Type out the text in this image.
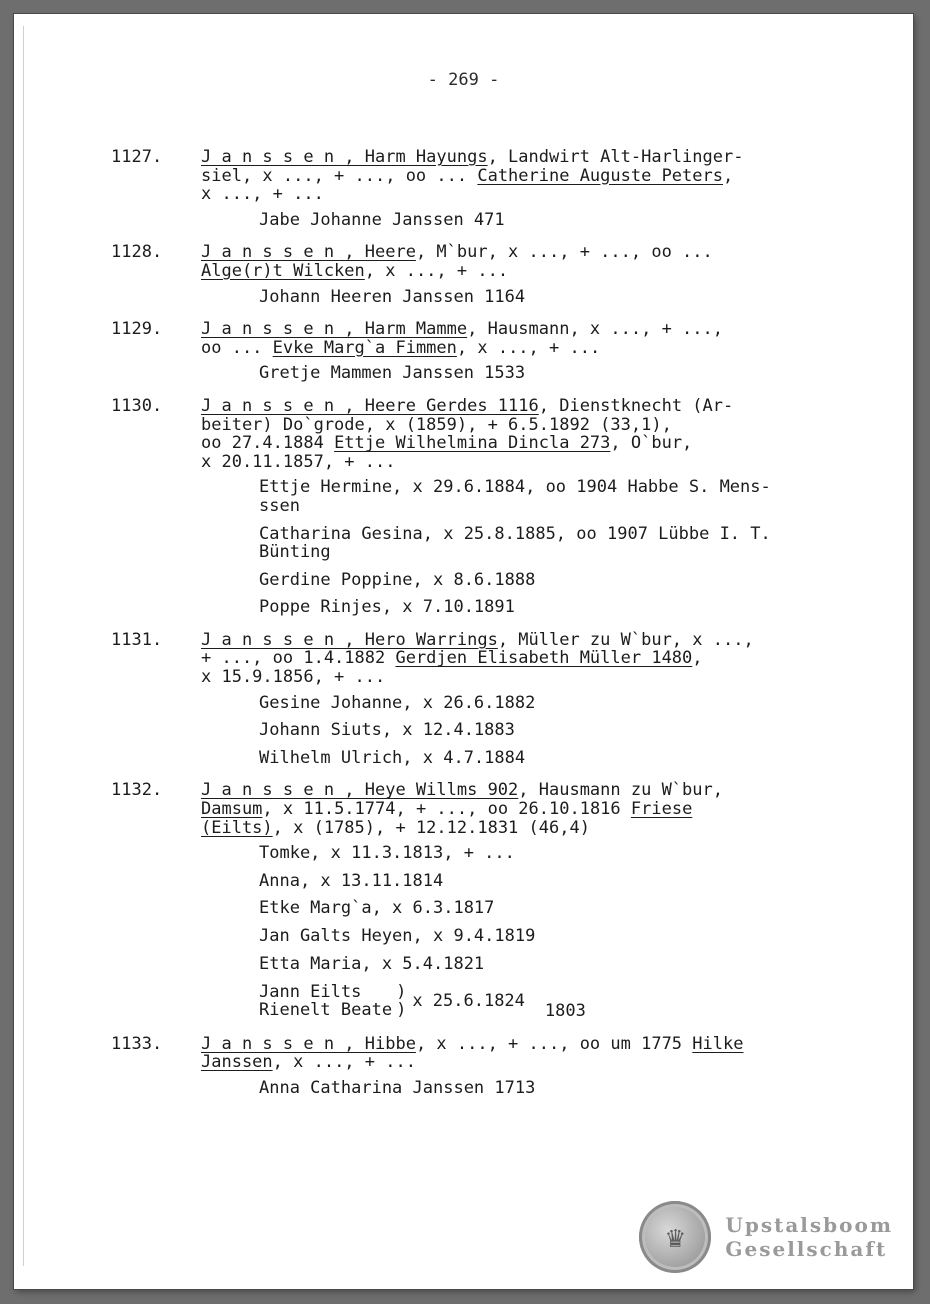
- 269 -
1127.	J a n s s e n , Harm Hayungs, Landwirt Alt-Harlinger-
siel, x ..., + ..., oo ... Catherine Auguste Peters,
x ..., + ...
Jabe Johanne Janssen 471
1128.	J a n s s e n , Heere, M`bur, x ..., + ..., oo ...
Alge(r)t Wilcken, x ..., + ...
Johann Heeren Janssen 1164
1129.	J a n s s e n , Harm Mamme, Hausmann, x ..., + ...,
oo ... Evke Marg`a Fimmen, x ..., + ...
Gretje Mammen Janssen 1533
1130.	J a n s s e n , Heere Gerdes 1116, Dienstknecht (Ar-
beiter) Do`grode, x (1859), + 6.5.1892 (33,1),
oo 27.4.1884 Ettje Wilhelmina Dincla 273, O`bur,
x 20.11.1857, + ...
Ettje Hermine, x 29.6.1884, oo 1904 Habbe S. Mens-
ssen
Catharina Gesina, x 25.8.1885, oo 1907 Lübbe I. T.
Bünting
Gerdine Poppine, x 8.6.1888
Poppe Rinjes, x 7.10.1891
1131.	J a n s s e n , Hero Warrings, Müller zu W`bur, x ...,
+ ..., oo 1.4.1882 Gerdjen Elisabeth Müller 1480,
x 15.9.1856, + ...
Gesine Johanne, x 26.6.1882
Johann Siuts, x 12.4.1883
Wilhelm Ulrich, x 4.7.1884
1132.	J a n s s e n , Heye Willms 902, Hausmann zu W`bur,
Damsum, x 11.5.1774, + ..., oo 26.10.1816 Friese
(Eilts), x (1785), + 12.12.1831 (46,4)
Tomke, x 11.3.1813, + ...
Anna, x 13.11.1814
Etke Marg`a, x 6.3.1817
Jan Galts Heyen, x 9.4.1819
Etta Maria, x 5.4.1821
Jann Eilts
Rienelt Beate
)
) x 25.6.1824 1803
1133.	J a n s s e n , Hibbe, x ..., + ..., oo um 1775 Hilke
Janssen, x ..., + ...
Anna Catharina Janssen 1713
♛	Upstalsboom
Gesellschaft
